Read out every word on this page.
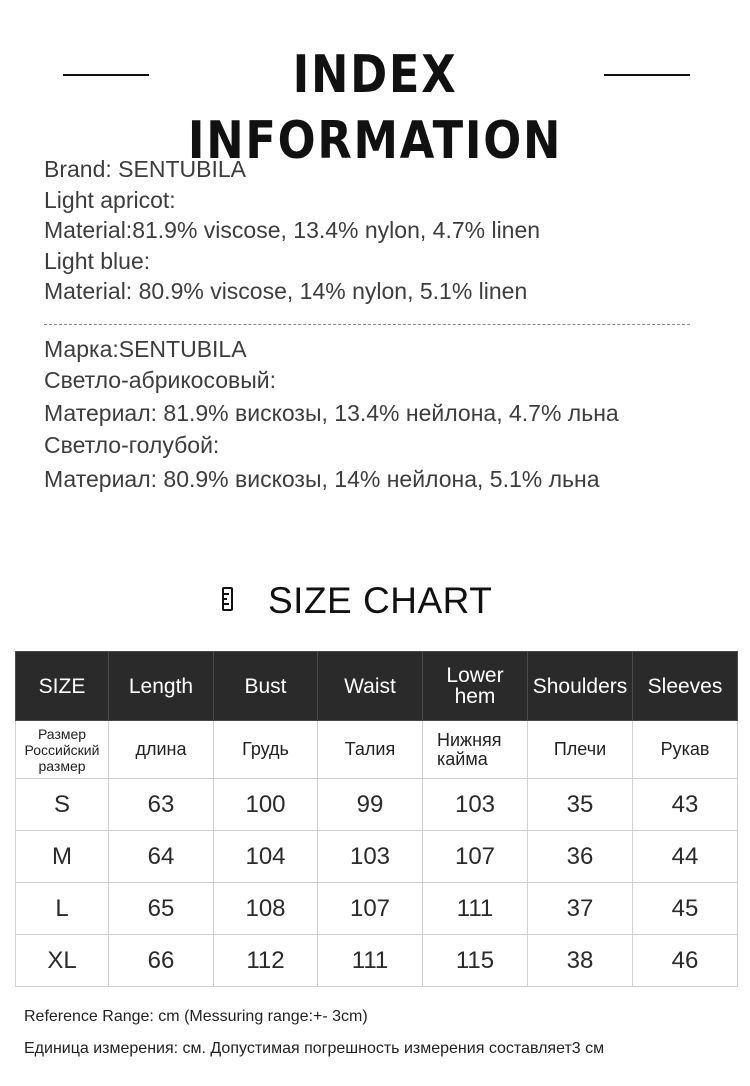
INDEX INFORMATION
Brand: SENTUBILA
Light apricot:
Material:81.9% viscose, 13.4% nylon, 4.7% linen
Light blue:
Material: 80.9% viscose, 14% nylon, 5.1% linen
Марка:SENTUBILA
Светло-абрикосовый:
Материал: 81.9% вискозы, 13.4% нейлона, 4.7% льна
Светло-голубой:
Материал: 80.9% вискозы, 14% нейлона, 5.1% льна
SIZE CHART
SIZE	Length	Bust	Waist	Lower hem	Shoulders	Sleeves
Размер Российский размер	длина	Грудь	Талия	Нижняя кайма	Плечи	Рукав
S	63	100	99	103	35	43
M	64	104	103	107	36	44
L	65	108	107	111	37	45
XL	66	112	111	115	38	46
Reference Range: cm (Messuring range:+- 3cm)
Единица измерения: см. Допустимая погрешность измерения составляет3 см
